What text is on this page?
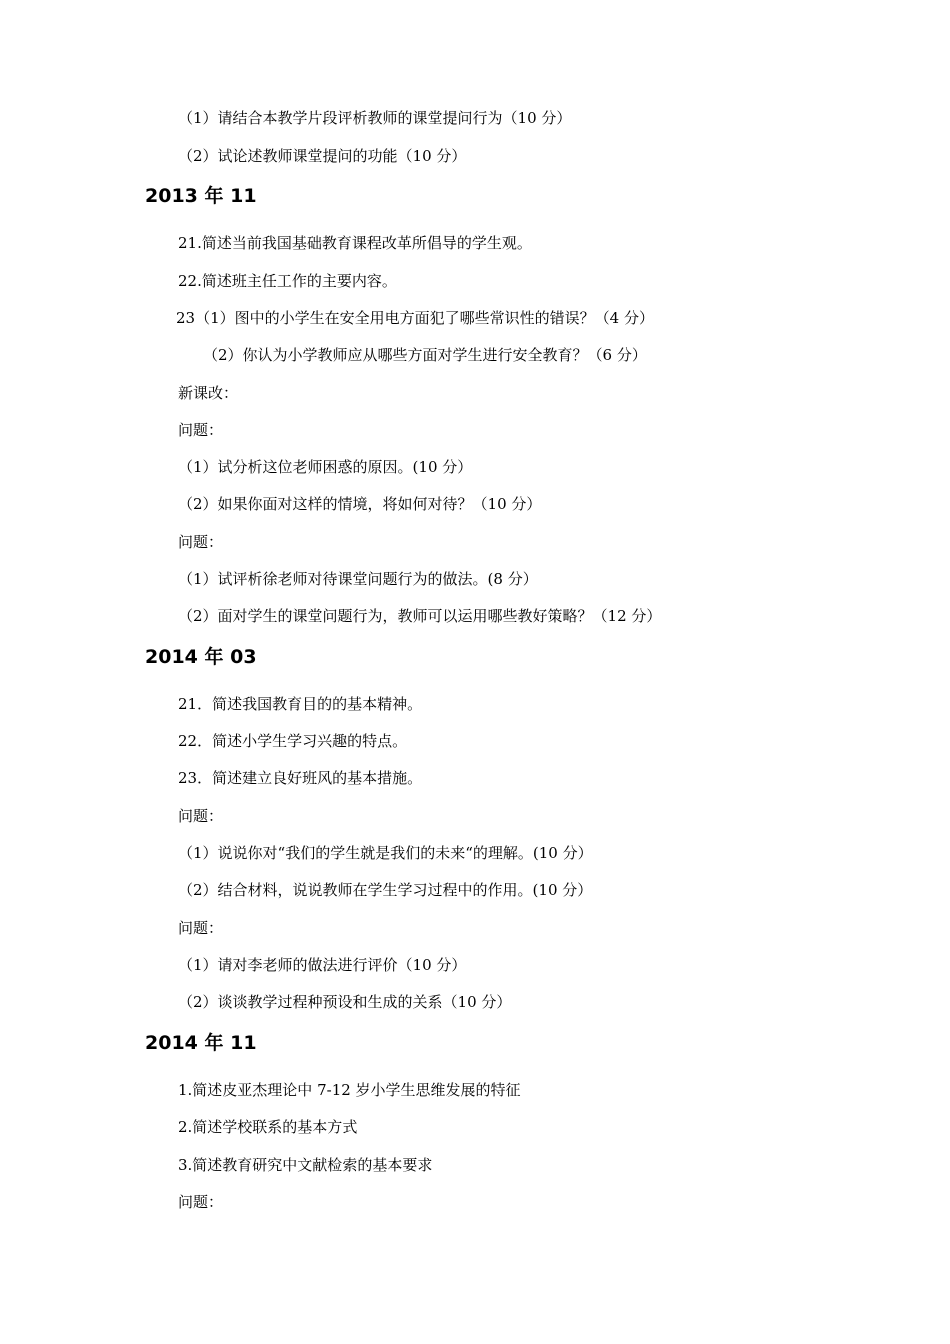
（1）请结合本教学片段评析教师的课堂提问行为（10 分）
（2）试论述教师课堂提问的功能（10 分）
2013 年 11
21.简述当前我国基础教育课程改革所倡导的学生观。
22.简述班主任工作的主要内容。
23（1）图中的小学生在安全用电方面犯了哪些常识性的错误？（4 分）
（2）你认为小学教师应从哪些方面对学生进行安全教育？（6 分）
新课改：
问题：
（1）试分析这位老师困惑的原因。(10 分）
（2）如果你面对这样的情境，将如何对待？（10 分）
问题：
（1）试评析徐老师对待课堂问题行为的做法。(8 分）
（2）面对学生的课堂问题行为，教师可以运用哪些教好策略？（12 分）
2014 年 03
21．简述我国教育目的的基本精神。
22．简述小学生学习兴趣的特点。
23．简述建立良好班风的基本措施。
问题：
（1）说说你对“我们的学生就是我们的未来“的理解。(10 分）
（2）结合材料，说说教师在学生学习过程中的作用。(10 分）
问题：
（1）请对李老师的做法进行评价（10 分）
（2）谈谈教学过程种预设和生成的关系（10 分）
2014 年 11
1.简述皮亚杰理论中 7-12 岁小学生思维发展的特征
2.简述学校联系的基本方式
3.简述教育研究中文献检索的基本要求
问题：
